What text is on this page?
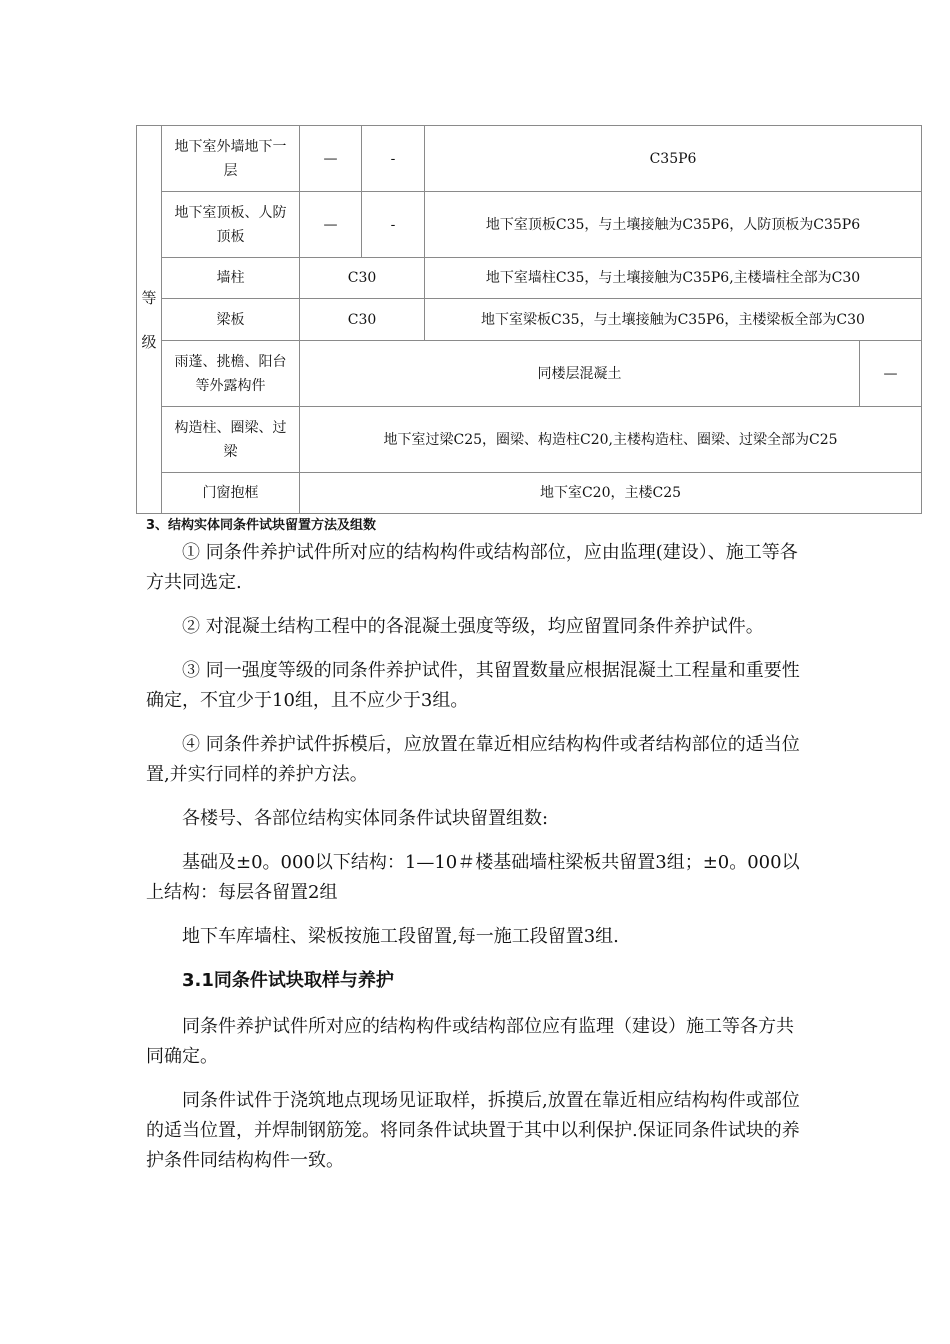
等
级	地下室外墙地下一层	—	-	C35P6	
	地下室顶板、人防顶板	—	-	地下室顶板C35，与土壤接触为C35P6，人防顶板为C35P6	
	墙柱	C30		地下室墙柱C35，与土壤接触为C35P6,主楼墙柱全部为C30	
	梁板	C30		地下室梁板C35，与土壤接触为C35P6，主楼梁板全部为C30	
	雨蓬、挑檐、阳台等外露构件	同楼层混凝土			—
	构造柱、圈梁、过梁	地下室过梁C25，圈梁、构造柱C20,主楼构造柱、圈梁、过梁全部为C25			
	门窗抱框	地下室C20，主楼C25			

3、结构实体同条件试块留置方法及组数

① 同条件养护试件所对应的结构构件或结构部位，应由监理(建设）、施工等各方共同选定.

② 对混凝土结构工程中的各混凝土强度等级，均应留置同条件养护试件。

③ 同一强度等级的同条件养护试件，其留置数量应根据混凝土工程量和重要性确定，不宜少于10组，且不应少于3组。

④ 同条件养护试件拆模后，应放置在靠近相应结构构件或者结构部位的适当位置,并实行同样的养护方法。

各楼号、各部位结构实体同条件试块留置组数:

基础及±0。000以下结构：1—10＃楼基础墙柱梁板共留置3组；±0。000以上结构：每层各留置2组

地下车库墙柱、梁板按施工段留置,每一施工段留置3组.

3.1同条件试块取样与养护

同条件养护试件所对应的结构构件或结构部位应有监理（建设）施工等各方共同确定。

同条件试件于浇筑地点现场见证取样，拆摸后,放置在靠近相应结构构件或部位的适当位置，并焊制钢筋笼。将同条件试块置于其中以利保护.保证同条件试块的养护条件同结构构件一致。
